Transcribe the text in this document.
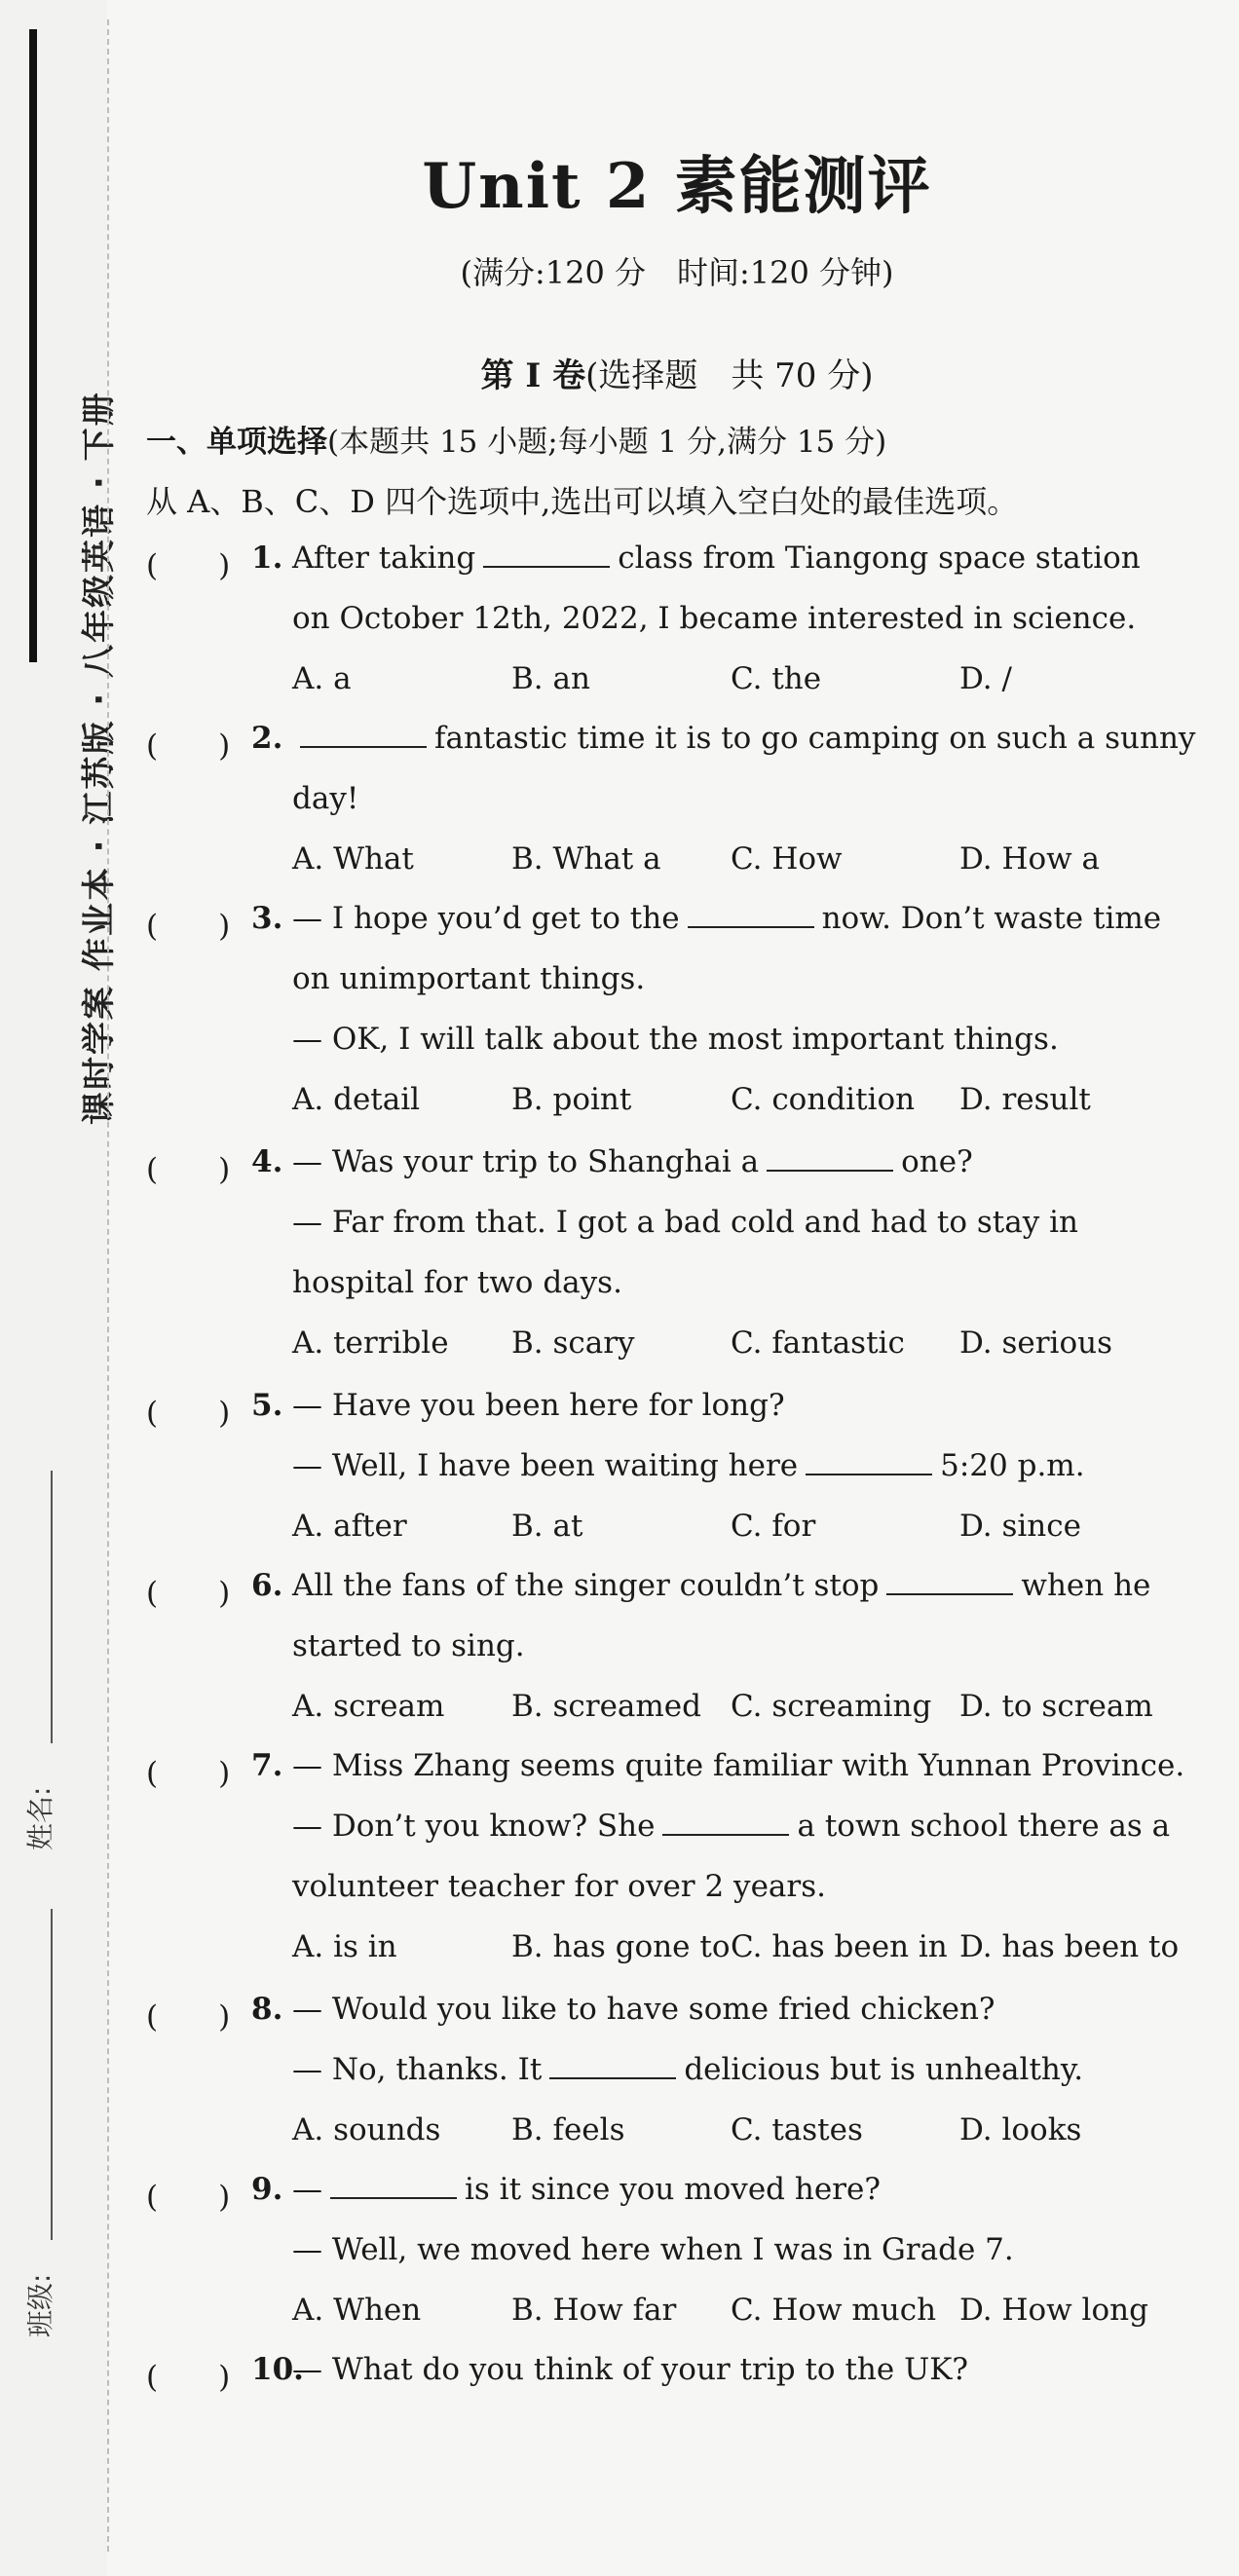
课时学案 作业本 · 江苏版 · 八年级英语 · 下册
姓名:
班级:
Unit 2 素能测评
(满分:120 分　时间:120 分钟)
第 I 卷(选择题　共 70 分)
一、单项选择(本题共 15 小题;每小题 1 分,满分 15 分)
从 A、B、C、D 四个选项中,选出可以填入空白处的最佳选项。
(　　) 1. After taking	class from Tiangong space station
on October 12th, 2022, I became interested in science.
A. a	B. an	C. the	D. /
(　　) 2.	fantastic time it is to go camping on such a sunny
day!
A. What	B. What a C. How	D. How a
(　　) 3. — I hope you’d get to the	now. Don’t waste time
on unimportant things.
— OK, I will talk about the most important things.
A. detail	B. point	C. condition D. result
(　　) 4. — Was your trip to Shanghai a	one?
— Far from that. I got a bad cold and had to stay in
hospital for two days.
A. terrible B. scary	C. fantastic D. serious
(　　) 5. — Have you been here for long?
— Well, I have been waiting here	5:20 p.m.
A. after	B. at	C. for	D. since
(　　) 6. All the fans of the singer couldn’t stop	when he
started to sing.
A. scream B. screamed C. screaming D. to scream
(　　) 7. — Miss Zhang seems quite familiar with Yunnan Province.
— Don’t you know? She	a town school there as a
volunteer teacher for over 2 years.
A. is in	B. has gone to C. has been in D. has been to
(　　) 8. — Would you like to have some fried chicken?
— No, thanks. It	delicious but is unhealthy.
A. sounds B. feels	C. tastes	D. looks
(　　) 9. —	is it since you moved here?
— Well, we moved here when I was in Grade 7.
A. When	B. How far C. How much D. How long
(　　) 10.
— What do you think of your trip to the UK?
